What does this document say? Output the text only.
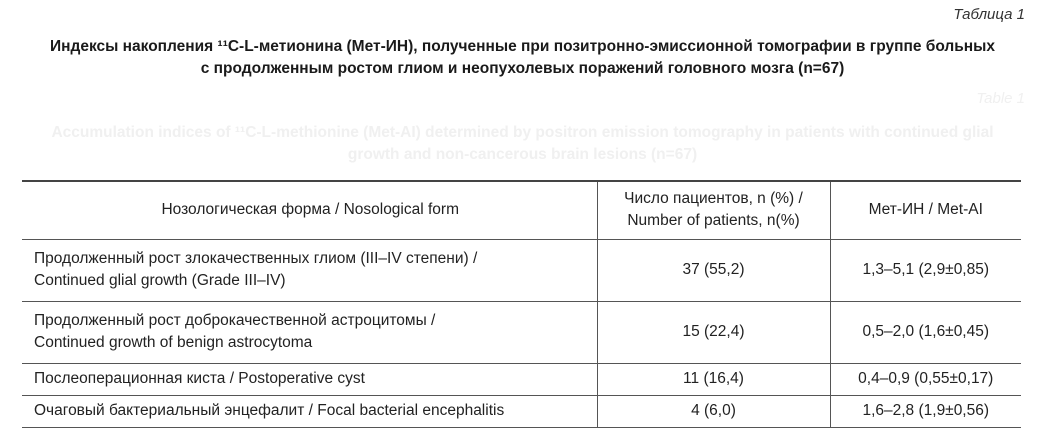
Таблица 1
Индексы накопления ¹¹C-L-метионина (Мет-ИН), полученные при позитронно-эмиссионной томографии в группе больных
с продолженным ростом глиом и неопухолевых поражений головного мозга (n=67)
Table 1
Accumulation indices of ¹¹C-L-methionine (Met-AI) determined by positron emission tomography in patients with continued glial
growth and non-cancerous brain lesions (n=67)
Нозологическая форма / Nosological form	Число пациентов, n (%) /
Number of patients, n(%)	Мет-ИН / Met-AI

Продолженный рост злокачественных глиом (III–IV степени) /
Continued glial growth (Grade III–IV)	37 (55,2)	1,3–5,1 (2,9±0,85)

Продолженный рост доброкачественной астроцитомы /
Continued growth of benign astrocytoma	15 (22,4)	0,5–2,0 (1,6±0,45)
Послеоперационная киста / Postoperative cyst	11 (16,4)	0,4–0,9 (0,55±0,17)
Очаговый бактериальный энцефалит / Focal bacterial encephalitis	4 (6,0)	1,6–2,8 (1,9±0,56)
